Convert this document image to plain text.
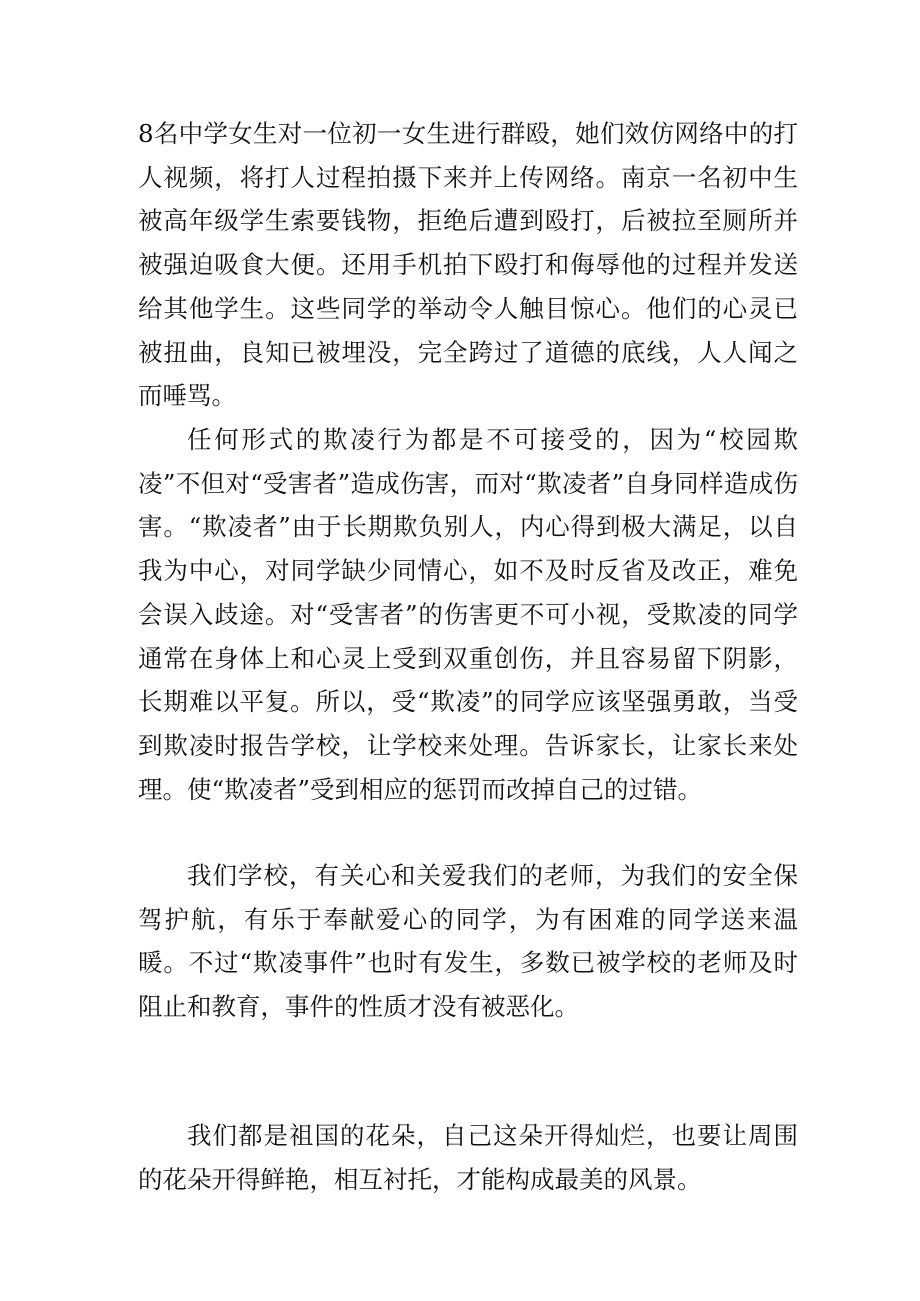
8名中学女生对一位初一女生进行群殴，她们效仿网络中的打人视频，将打人过程拍摄下来并上传网络。南京一名初中生被高年级学生索要钱物，拒绝后遭到殴打，后被拉至厕所并被强迫吸食大便。还用手机拍下殴打和侮辱他的过程并发送给其他学生。这些同学的举动令人触目惊心。他们的心灵已被扭曲，良知已被埋没，完全跨过了道德的底线，人人闻之而唾骂。

任何形式的欺凌行为都是不可接受的，因为“校园欺凌”不但对“受害者”造成伤害，而对“欺凌者”自身同样造成伤害。“欺凌者”由于长期欺负别人，内心得到极大满足，以自我为中心，对同学缺少同情心，如不及时反省及改正，难免会误入歧途。对“受害者”的伤害更不可小视，受欺凌的同学通常在身体上和心灵上受到双重创伤，并且容易留下阴影，长期难以平复。所以，受“欺凌”的同学应该坚强勇敢，当受到欺凌时报告学校，让学校来处理。告诉家长，让家长来处理。使“欺凌者”受到相应的惩罚而改掉自己的过错。

我们学校，有关心和关爱我们的老师，为我们的安全保驾护航，有乐于奉献爱心的同学，为有困难的同学送来温暖。不过“欺凌事件”也时有发生，多数已被学校的老师及时阻止和教育，事件的性质才没有被恶化。

我们都是祖国的花朵，自己这朵开得灿烂，也要让周围的花朵开得鲜艳，相互衬托，才能构成最美的风景。
